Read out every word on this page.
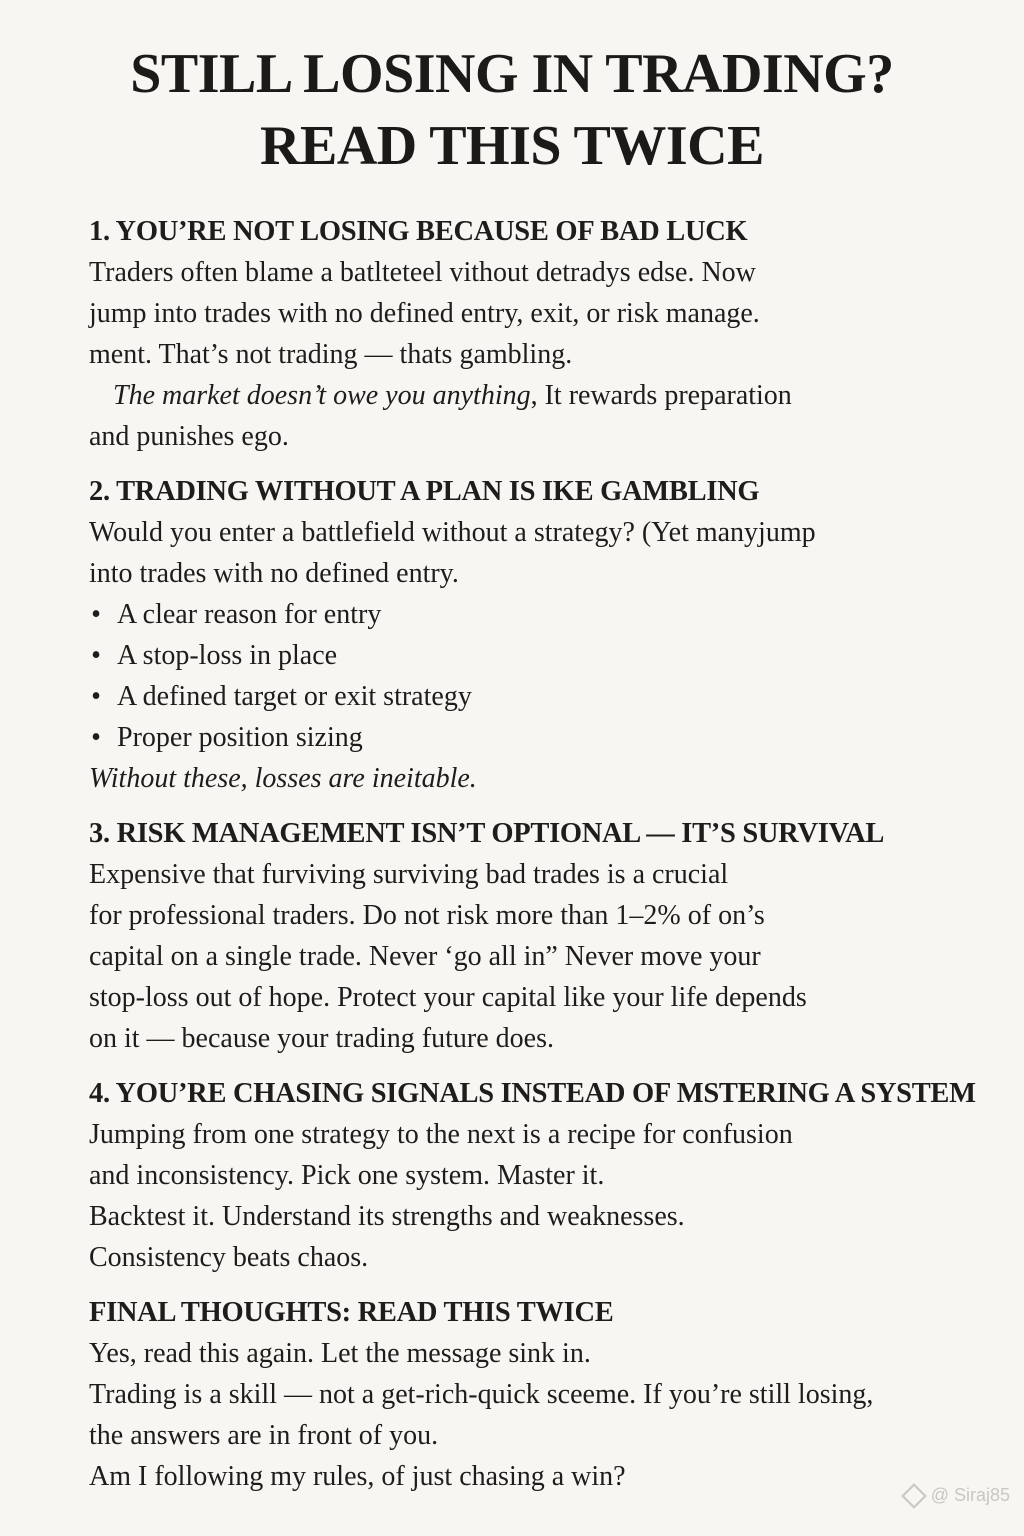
STILL LOSING IN TRADING?
READ THIS TWICE
1. YOU’RE NOT LOSING BECAUSE OF BAD LUCK
Traders often blame a batlteteel vithout detradys edse. Now
jump into trades with no defined entry, exit, or risk manage.
ment. That’s not trading — thats gambling.
The market doesn’t owe you anything, It rewards preparation
and punishes ego.
2. TRADING WITHOUT A PLAN IS IKE GAMBLING
Would you enter a battlefield without a strategy? (Yet manyjump
into trades with no defined entry.
• A clear reason for entry
• A stop-loss in place
• A defined target or exit strategy
• Proper position sizing
Without these, losses are ineitable.
3. RISK MANAGEMENT ISN’T OPTIONAL — IT’S SURVIVAL
Expensive that furviving surviving bad trades is a crucial
for professional traders. Do not risk more than 1–2% of on’s
capital on a single trade. Never ‘go all in” Never move your
stop-loss out of hope. Protect your capital like your life depends
on it — because your trading future does.
4. YOU’RE CHASING SIGNALS INSTEAD OF MSTERING A SYSTEM
Jumping from one strategy to the next is a recipe for confusion
and inconsistency. Pick one system. Master it.
Backtest it. Understand its strengths and weaknesses.
Consistency beats chaos.
FINAL THOUGHTS: READ THIS TWICE
Yes, read this again. Let the message sink in.
Trading is a skill — not a get-rich-quick sceeme. If you’re still losing,
the answers are in front of you.
Am I following my rules, of just chasing a win?
@ Siraj85
